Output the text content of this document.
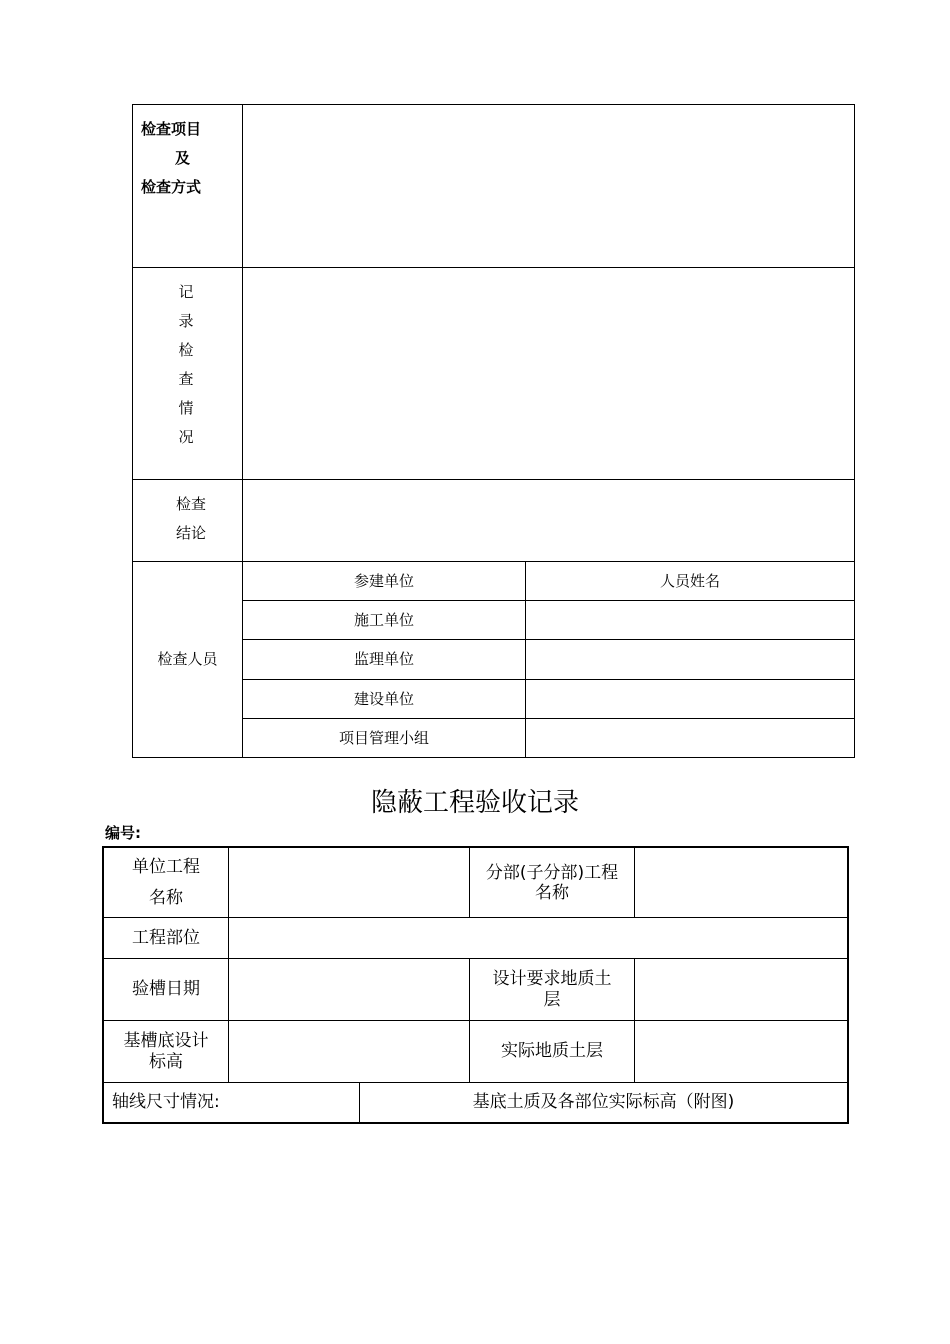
检查项目
及
检查方式
记
录
检
查
情
况
检查
结论
检查人员
参建单位	人员姓名
施工单位
监理单位
建设单位
项目管理小组
隐蔽工程验收记录
编号:
单位工程
名称
分部(子分部)工程
名称
工程部位
验槽日期
设计要求地质土
层
基槽底设计
标高
实际地质土层
轴线尺寸情况:	基底土质及各部位实际标高（附图)
